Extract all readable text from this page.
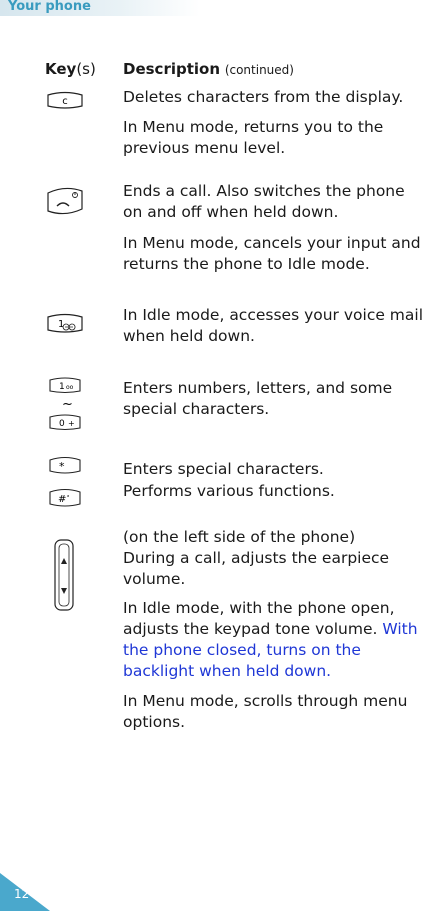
Your phone
Key(s) Description (continued)
c	Deletes characters from the display.
In Menu mode, returns you to the previous menu level.
Ends a call. Also switches the phone on and off when held down.
In Menu mode, cancels your input and returns the phone to Idle mode.
1
In Idle mode, accesses your voice mail when held down.
1 oo
~
0 +
Enters numbers, letters, and some special characters.
*
# ᵃ
Enters special characters.
Performs various functions.
(on the left side of the phone)
During a call, adjusts the earpiece volume.
In Idle mode, with the phone open, adjusts the keypad tone volume. With the phone closed, turns on the backlight when held down.
In Menu mode, scrolls through menu options.
12
